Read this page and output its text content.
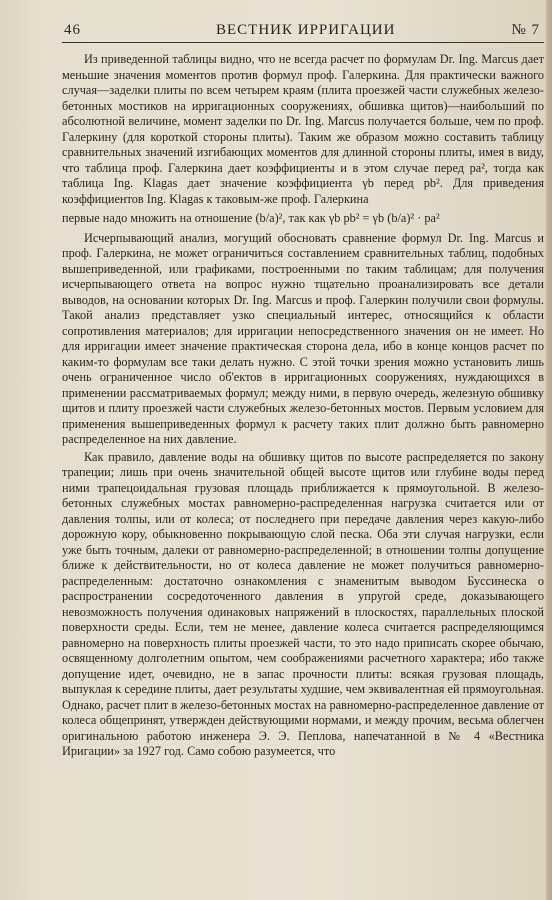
46	ВЕСТНИК ИРРИГАЦИИ	№ 7

Из приведенной таблицы видно, что не всегда расчет по формулам Dr. Ing. Marcus дает меньшие значения моментов против формул проф. Галеркина. Для практически важного случая—заделки плиты по всем четырем краям (плита проезжей части служебных железо-бетонных мостиков на ирригационных сооружениях, обшивка щитов)—наибольший по абсолютной величине, момент заделки по Dr. Ing. Marcus получается больше, чем по проф. Галеркину (для короткой стороны плиты). Таким же образом можно составить таблицу сравнительных значений изгибающих моментов для длинной стороны плиты, имея в виду, что таблица проф. Галеркина дает коэффициенты и в этом случае перед pa², тогда как таблица Ing. Klagas дает значение коэффициента γb перед pb². Для приведения коэффициентов Ing. Klagas к таковым-же проф. Галеркина

первые надо множить на отношение (b/a)², так как γb pb² = γb (b/a)² · pa²

Исчерпывающий анализ, могущий обосновать сравнение формул Dr. Ing. Marcus и проф. Галеркина, не может ограничиться составлением сравнительных таблиц, подобных вышеприведенной, или графиками, построенными по таким таблицам; для получения исчерпывающего ответа на вопрос нужно тщательно проанализировать все детали выводов, на основании которых Dr. Ing. Marcus и проф. Галеркин получили свои формулы. Такой анализ представляет узко специальный интерес, относящийся к области сопротивления материалов; для ирригации непосредственного значения он не имеет. Но для ирригации имеет значение практическая сторона дела, ибо в конце концов расчет по каким-то формулам все таки делать нужно. С этой точки зрения можно установить лишь очень ограниченное число об'ектов в ирригационных сооружениях, нуждающихся в применении рассматриваемых формул; между ними, в первую очередь, железную обшивку щитов и плиту проезжей части служебных железо-бетонных мостов. Первым условием для применения вышеприведенных формул к расчету таких плит должно быть равномерно распределенное на них давление.

Как правило, давление воды на обшивку щитов по высоте распределяется по закону трапеции; лишь при очень значительной общей высоте щитов или глубине воды перед ними трапецоидальная грузовая площадь приближается к прямоугольной. В железо-бетонных служебных мостах равномерно-распределенная нагрузка считается или от давления толпы, или от колеса; от последнего при передаче давления через какую-либо дорожную кору, обыкновенно покрывающую слой песка. Оба эти случая нагрузки, если уже быть точным, далеки от равномерно-распределенной; в отношении толпы допущение ближе к действительности, но от колеса давление не может получиться равномерно-распределенным: достаточно ознакомления с знаменитым выводом Буссинеска о распространении сосредоточенного давления в упругой среде, доказывающего невозможность получения одинаковых напряжений в плоскостях, параллельных плоской поверхности среды. Если, тем не менее, давление колеса считается распределяющимся равномерно на поверхность плиты проезжей части, то это надо приписать скорее обычаю, освященному долголетним опытом, чем соображениями расчетного характера; ибо также допущение идет, очевидно, не в запас прочности плиты: всякая грузовая площадь, выпуклая к середине плиты, дает результаты худшие, чем эквивалентная ей прямоугольная. Однако, расчет плит в железо-бетонных мостах на равномерно-распределенное давление от колеса общепринят, утвержден действующими нормами, и между прочим, весьма облегчен оригинальною работою инженера Э. Э. Пеплова, напечатанной в № 4 «Вестника Иригации» за 1927 год. Само собою разумеется, что
